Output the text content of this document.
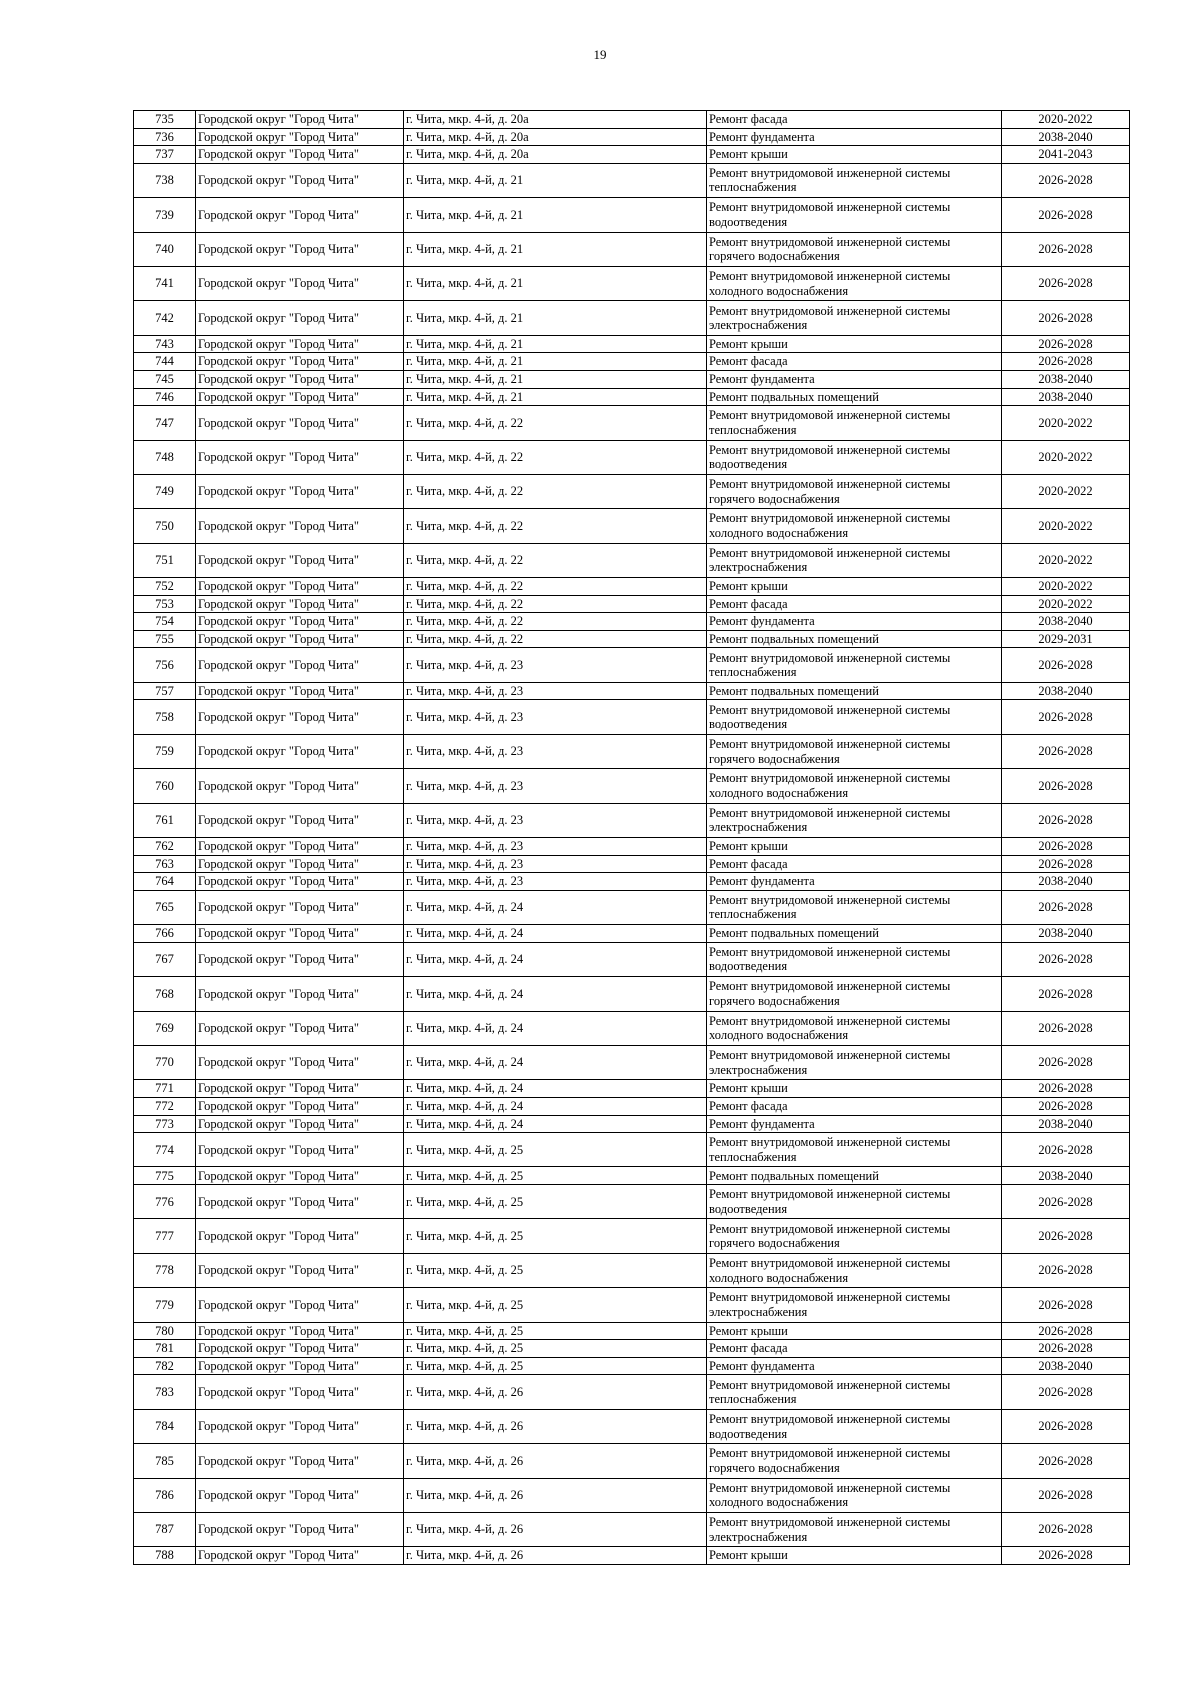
19
735	Городской округ "Город Чита"	г. Чита, мкр. 4-й, д. 20а	Ремонт фасада	2020-2022
736	Городской округ "Город Чита"	г. Чита, мкр. 4-й, д. 20а	Ремонт фундамента	2038-2040
737	Городской округ "Город Чита"	г. Чита, мкр. 4-й, д. 20а	Ремонт крыши	2041-2043
738	Городской округ "Город Чита"	г. Чита, мкр. 4-й, д. 21	Ремонт внутридомовой инженерной системы теплоснабжения	2026-2028
739	Городской округ "Город Чита"	г. Чита, мкр. 4-й, д. 21	Ремонт внутридомовой инженерной системы водоотведения	2026-2028
740	Городской округ "Город Чита"	г. Чита, мкр. 4-й, д. 21	Ремонт внутридомовой инженерной системы горячего водоснабжения	2026-2028
741	Городской округ "Город Чита"	г. Чита, мкр. 4-й, д. 21	Ремонт внутридомовой инженерной системы холодного водоснабжения	2026-2028
742	Городской округ "Город Чита"	г. Чита, мкр. 4-й, д. 21	Ремонт внутридомовой инженерной системы электроснабжения	2026-2028
743	Городской округ "Город Чита"	г. Чита, мкр. 4-й, д. 21	Ремонт крыши	2026-2028
744	Городской округ "Город Чита"	г. Чита, мкр. 4-й, д. 21	Ремонт фасада	2026-2028
745	Городской округ "Город Чита"	г. Чита, мкр. 4-й, д. 21	Ремонт фундамента	2038-2040
746	Городской округ "Город Чита"	г. Чита, мкр. 4-й, д. 21	Ремонт подвальных помещений	2038-2040
747	Городской округ "Город Чита"	г. Чита, мкр. 4-й, д. 22	Ремонт внутридомовой инженерной системы теплоснабжения	2020-2022
748	Городской округ "Город Чита"	г. Чита, мкр. 4-й, д. 22	Ремонт внутридомовой инженерной системы водоотведения	2020-2022
749	Городской округ "Город Чита"	г. Чита, мкр. 4-й, д. 22	Ремонт внутридомовой инженерной системы горячего водоснабжения	2020-2022
750	Городской округ "Город Чита"	г. Чита, мкр. 4-й, д. 22	Ремонт внутридомовой инженерной системы холодного водоснабжения	2020-2022
751	Городской округ "Город Чита"	г. Чита, мкр. 4-й, д. 22	Ремонт внутридомовой инженерной системы электроснабжения	2020-2022
752	Городской округ "Город Чита"	г. Чита, мкр. 4-й, д. 22	Ремонт крыши	2020-2022
753	Городской округ "Город Чита"	г. Чита, мкр. 4-й, д. 22	Ремонт фасада	2020-2022
754	Городской округ "Город Чита"	г. Чита, мкр. 4-й, д. 22	Ремонт фундамента	2038-2040
755	Городской округ "Город Чита"	г. Чита, мкр. 4-й, д. 22	Ремонт подвальных помещений	2029-2031
756	Городской округ "Город Чита"	г. Чита, мкр. 4-й, д. 23	Ремонт внутридомовой инженерной системы теплоснабжения	2026-2028
757	Городской округ "Город Чита"	г. Чита, мкр. 4-й, д. 23	Ремонт подвальных помещений	2038-2040
758	Городской округ "Город Чита"	г. Чита, мкр. 4-й, д. 23	Ремонт внутридомовой инженерной системы водоотведения	2026-2028
759	Городской округ "Город Чита"	г. Чита, мкр. 4-й, д. 23	Ремонт внутридомовой инженерной системы горячего водоснабжения	2026-2028
760	Городской округ "Город Чита"	г. Чита, мкр. 4-й, д. 23	Ремонт внутридомовой инженерной системы холодного водоснабжения	2026-2028
761	Городской округ "Город Чита"	г. Чита, мкр. 4-й, д. 23	Ремонт внутридомовой инженерной системы электроснабжения	2026-2028
762	Городской округ "Город Чита"	г. Чита, мкр. 4-й, д. 23	Ремонт крыши	2026-2028
763	Городской округ "Город Чита"	г. Чита, мкр. 4-й, д. 23	Ремонт фасада	2026-2028
764	Городской округ "Город Чита"	г. Чита, мкр. 4-й, д. 23	Ремонт фундамента	2038-2040
765	Городской округ "Город Чита"	г. Чита, мкр. 4-й, д. 24	Ремонт внутридомовой инженерной системы теплоснабжения	2026-2028
766	Городской округ "Город Чита"	г. Чита, мкр. 4-й, д. 24	Ремонт подвальных помещений	2038-2040
767	Городской округ "Город Чита"	г. Чита, мкр. 4-й, д. 24	Ремонт внутридомовой инженерной системы водоотведения	2026-2028
768	Городской округ "Город Чита"	г. Чита, мкр. 4-й, д. 24	Ремонт внутридомовой инженерной системы горячего водоснабжения	2026-2028
769	Городской округ "Город Чита"	г. Чита, мкр. 4-й, д. 24	Ремонт внутридомовой инженерной системы холодного водоснабжения	2026-2028
770	Городской округ "Город Чита"	г. Чита, мкр. 4-й, д. 24	Ремонт внутридомовой инженерной системы электроснабжения	2026-2028
771	Городской округ "Город Чита"	г. Чита, мкр. 4-й, д. 24	Ремонт крыши	2026-2028
772	Городской округ "Город Чита"	г. Чита, мкр. 4-й, д. 24	Ремонт фасада	2026-2028
773	Городской округ "Город Чита"	г. Чита, мкр. 4-й, д. 24	Ремонт фундамента	2038-2040
774	Городской округ "Город Чита"	г. Чита, мкр. 4-й, д. 25	Ремонт внутридомовой инженерной системы теплоснабжения	2026-2028
775	Городской округ "Город Чита"	г. Чита, мкр. 4-й, д. 25	Ремонт подвальных помещений	2038-2040
776	Городской округ "Город Чита"	г. Чита, мкр. 4-й, д. 25	Ремонт внутридомовой инженерной системы водоотведения	2026-2028
777	Городской округ "Город Чита"	г. Чита, мкр. 4-й, д. 25	Ремонт внутридомовой инженерной системы горячего водоснабжения	2026-2028
778	Городской округ "Город Чита"	г. Чита, мкр. 4-й, д. 25	Ремонт внутридомовой инженерной системы холодного водоснабжения	2026-2028
779	Городской округ "Город Чита"	г. Чита, мкр. 4-й, д. 25	Ремонт внутридомовой инженерной системы электроснабжения	2026-2028
780	Городской округ "Город Чита"	г. Чита, мкр. 4-й, д. 25	Ремонт крыши	2026-2028
781	Городской округ "Город Чита"	г. Чита, мкр. 4-й, д. 25	Ремонт фасада	2026-2028
782	Городской округ "Город Чита"	г. Чита, мкр. 4-й, д. 25	Ремонт фундамента	2038-2040
783	Городской округ "Город Чита"	г. Чита, мкр. 4-й, д. 26	Ремонт внутридомовой инженерной системы теплоснабжения	2026-2028
784	Городской округ "Город Чита"	г. Чита, мкр. 4-й, д. 26	Ремонт внутридомовой инженерной системы водоотведения	2026-2028
785	Городской округ "Город Чита"	г. Чита, мкр. 4-й, д. 26	Ремонт внутридомовой инженерной системы горячего водоснабжения	2026-2028
786	Городской округ "Город Чита"	г. Чита, мкр. 4-й, д. 26	Ремонт внутридомовой инженерной системы холодного водоснабжения	2026-2028
787	Городской округ "Город Чита"	г. Чита, мкр. 4-й, д. 26	Ремонт внутридомовой инженерной системы электроснабжения	2026-2028
788	Городской округ "Город Чита"	г. Чита, мкр. 4-й, д. 26	Ремонт крыши	2026-2028
